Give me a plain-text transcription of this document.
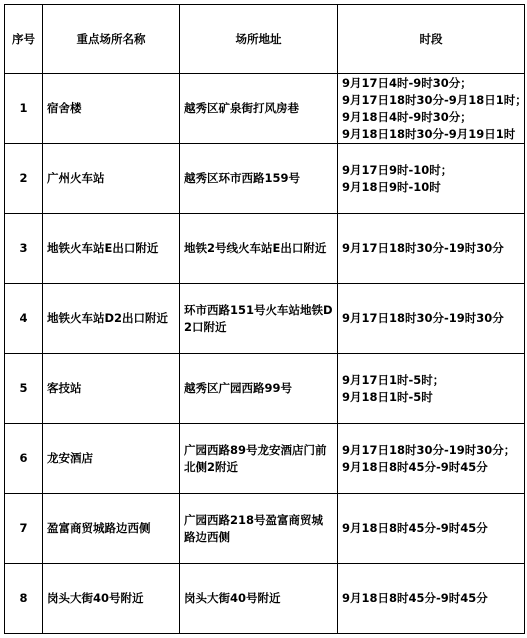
序号	重点场所名称	场所地址	时段
1	宿舍楼	越秀区矿泉街打风房巷	9月17日4时-9时30分；
9月17日18时30分-9月18日1时；
9月18日4时-9时30分；
9月18日18时30分-9月19日1时

2	广州火车站	越秀区环市西路159号	9月17日9时-10时；
9月18日9时-10时

3	地铁火车站E出口附近	地铁2号线火车站E出口附近	9月17日18时30分-19时30分

4	地铁火车站D2出口附近	环市西路151号火车站地铁D2口附近	9月17日18时30分-19时30分

5	客技站	越秀区广园西路99号	9月17日1时-5时；
9月18日1时-5时

6	龙安酒店	广园西路89号龙安酒店门前北侧2附近	9月17日18时30分-19时30分；
9月18日8时45分-9时45分

7	盈富商贸城路边西侧	广园西路218号盈富商贸城路边西侧	9月18日8时45分-9时45分

8	岗头大街40号附近	岗头大街40号附近	9月18日8时45分-9时45分
